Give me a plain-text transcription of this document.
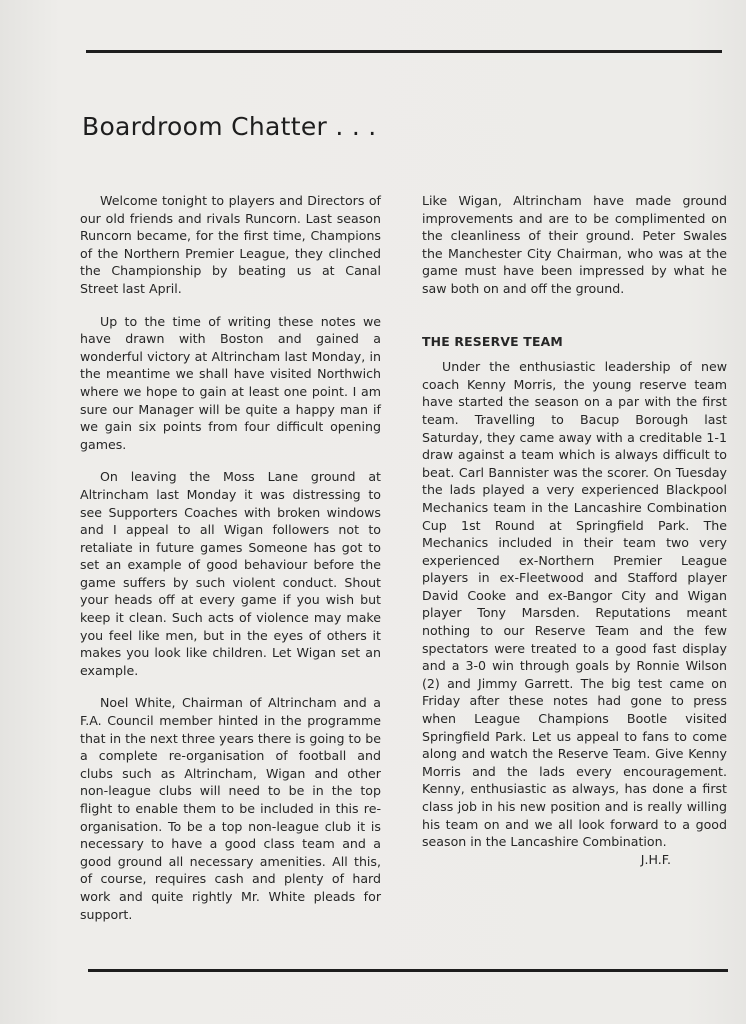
Boardroom Chatter . . .

Welcome tonight to players and Directors of our old friends and rivals Runcorn. Last season Runcorn became, for the first time, Champions of the Northern Premier League, they clinched the Championship by beating us at Canal Street last April.

Up to the time of writing these notes we have drawn with Boston and gained a wonderful victory at Altrincham last Monday, in the meantime we shall have visited Northwich where we hope to gain at least one point. I am sure our Manager will be quite a happy man if we gain six points from four difficult opening games.

On leaving the Moss Lane ground at Altrincham last Monday it was distressing to see Supporters Coaches with broken windows and I appeal to all Wigan followers not to retaliate in future games Someone has got to set an example of good behaviour before the game suffers by such violent conduct. Shout your heads off at every game if you wish but keep it clean. Such acts of violence may make you feel like men, but in the eyes of others it makes you look like children. Let Wigan set an example.

Noel White, Chairman of Altrincham and a F.A. Council member hinted in the programme that in the next three years there is going to be a complete re-organisation of football and clubs such as Altrincham, Wigan and other non-league clubs will need to be in the top flight to enable them to be included in this re-organisation. To be a top non-league club it is necessary to have a good class team and a good ground all necessary amenities. All this, of course, requires cash and plenty of hard work and quite rightly Mr. White pleads for support.

Like Wigan, Altrincham have made ground improvements and are to be complimented on the cleanliness of their ground. Peter Swales the Manchester City Chairman, who was at the game must have been impressed by what he saw both on and off the ground.

THE RESERVE TEAM

Under the enthusiastic leadership of new coach Kenny Morris, the young reserve team have started the season on a par with the first team. Travelling to Bacup Borough last Saturday, they came away with a creditable 1-1 draw against a team which is always difficult to beat. Carl Bannister was the scorer. On Tuesday the lads played a very experienced Blackpool Mechanics team in the Lancashire Combination Cup 1st Round at Springfield Park. The Mechanics included in their team two very experienced ex-Northern Premier League players in ex-Fleetwood and Stafford player David Cooke and ex-Bangor City and Wigan player Tony Marsden. Reputations meant nothing to our Reserve Team and the few spectators were treated to a good fast display and a 3-0 win through goals by Ronnie Wilson (2) and Jimmy Garrett. The big test came on Friday after these notes had gone to press when League Champions Bootle visited Springfield Park. Let us appeal to fans to come along and watch the Reserve Team. Give Kenny Morris and the lads every encouragement. Kenny, enthusiastic as always, has done a first class job in his new position and is really willing his team on and we all look forward to a good season in the Lancashire Combination.

J.H.F.
